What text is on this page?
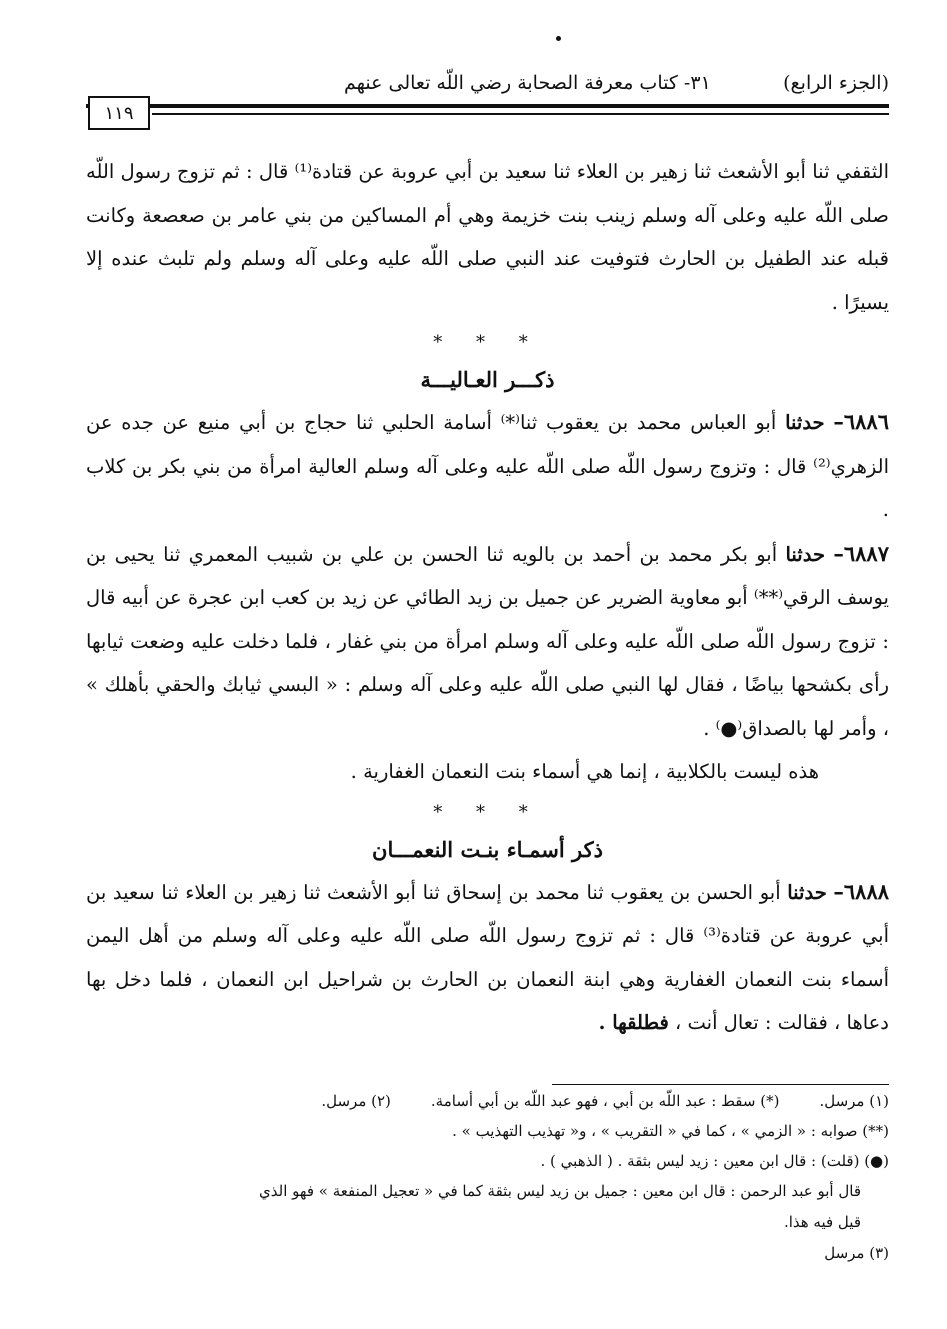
(الجزء الرابع)
٣١- كتاب معرفة الصحابة رضي اللّه تعالى عنهم
١١٩

الثقفي ثنا أبو الأشعث ثنا زهير بن العلاء ثنا سعيد بن أبي عروبة عن قتادة⁽¹⁾ قال : ثم تزوج رسول اللّه صلى اللّه عليه وعلى آله وسلم زينب بنت خزيمة وهي أم المساكين من بني عامر بن صعصعة وكانت قبله عند الطفيل بن الحارث فتوفيت عند النبي صلى اللّه عليه وعلى آله وسلم ولم تلبث عنده إلا يسيرًا .

* * *
ذكـــر العـاليـــة

٦٨٨٦– حدثنا أبو العباس محمد بن يعقوب ثنا⁽*⁾ أسامة الحلبي ثنا حجاج بن أبي منيع عن جده عن الزهري⁽²⁾ قال : وتزوج رسول اللّه صلى اللّه عليه وعلى آله وسلم العالية امرأة من بني بكر بن كلاب .

٦٨٨٧– حدثنا أبو بكر محمد بن أحمد بن بالويه ثنا الحسن بن علي بن شبيب المعمري ثنا يحيى بن يوسف الرقي⁽**⁾ أبو معاوية الضرير عن جميل بن زيد الطائي عن زيد بن كعب ابن عجرة عن أبيه قال : تزوج رسول اللّه صلى اللّه عليه وعلى آله وسلم امرأة من بني غفار ، فلما دخلت عليه وضعت ثيابها رأى بكشحها بياضًا ، فقال لها النبي صلى اللّه عليه وعلى آله وسلم : « البسي ثيابك والحقي بأهلك » ، وأمر لها بالصداق⁽●⁾ .

هذه ليست بالكلابية ، إنما هي أسماء بنت النعمان الغفارية .

* * *
ذكر أسمـاء بنـت النعمـــان

٦٨٨٨– حدثنا أبو الحسن بن يعقوب ثنا محمد بن إسحاق ثنا أبو الأشعث ثنا زهير بن العلاء ثنا سعيد بن أبي عروبة عن قتادة⁽³⁾ قال : ثم تزوج رسول اللّه صلى اللّه عليه وعلى آله وسلم من أهل اليمن أسماء بنت النعمان الغفارية وهي ابنة النعمان بن الحارث بن شراحيل ابن النعمان ، فلما دخل بها دعاها ، فقالت : تعال أنت ، فطلقها .

(١) مرسل.
(*) سقط : عبد اللّه بن أبي ، فهو عبد اللّه بن أبي أسامة.
(٢) مرسل.
(**) صوابه : « الزمي » ، كما في « التقريب » ، و« تهذيب التهذيب » .
(●) (قلت) : قال ابن معين : زيد ليس بثقة . ( الذهبي ) .
قال أبو عبد الرحمن : قال ابن معين : جميل بن زيد ليس بثقة كما في « تعجيل المنفعة » فهو الذي
قيل فيه هذا.
(٣) مرسل
